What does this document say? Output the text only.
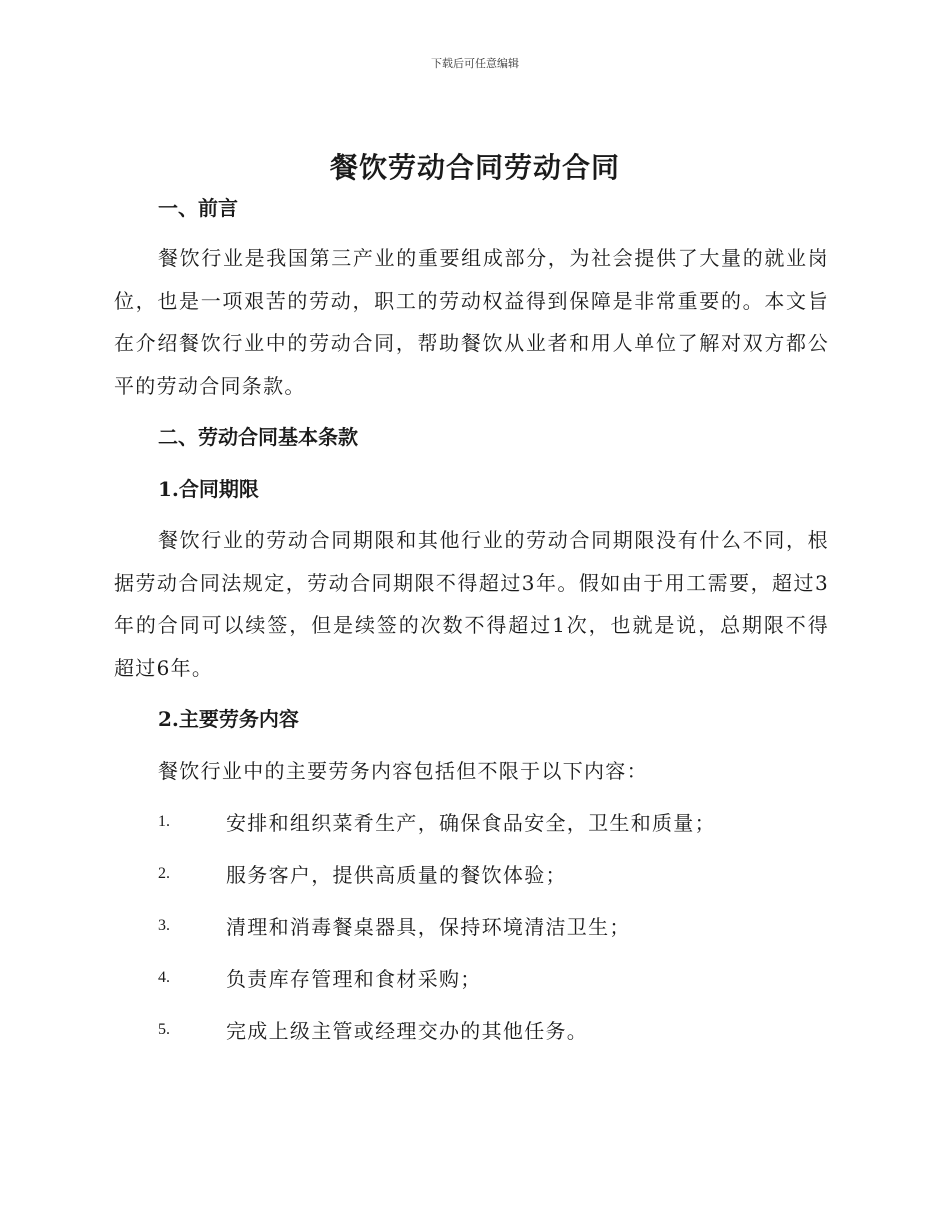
下载后可任意编辑
餐饮劳动合同劳动合同
一、前言
餐饮行业是我国第三产业的重要组成部分，为社会提供了大量的就业岗位，也是一项艰苦的劳动，职工的劳动权益得到保障是非常重要的。本文旨在介绍餐饮行业中的劳动合同，帮助餐饮从业者和用人单位了解对双方都公平的劳动合同条款。
二、劳动合同基本条款
1.合同期限
餐饮行业的劳动合同期限和其他行业的劳动合同期限没有什么不同，根据劳动合同法规定，劳动合同期限不得超过3年。假如由于用工需要，超过3年的合同可以续签，但是续签的次数不得超过1次，也就是说，总期限不得超过6年。
2.主要劳务内容
餐饮行业中的主要劳务内容包括但不限于以下内容：
1.	安排和组织菜肴生产，确保食品安全，卫生和质量；
2.	服务客户，提供高质量的餐饮体验；
3.	清理和消毒餐桌器具，保持环境清洁卫生；
4.	负责库存管理和食材采购；
5.	完成上级主管或经理交办的其他任务。
